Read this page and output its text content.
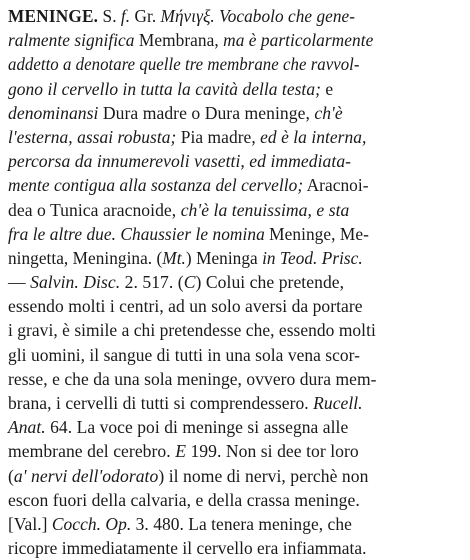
MENINGE. S. f. Gr. Μήνιγξ. Vocabolo che gene-
ralmente significa Membrana, ma è particolarmente
addetto a denotare quelle tre membrane che ravvol-
gono il cervello in tutta la cavità della testa; e
denominansi Dura madre o Dura meninge, ch'è
l'esterna, assai robusta; Pia madre, ed è la interna,
percorsa da innumerevoli vasetti, ed immediata-
mente contigua alla sostanza del cervello; Aracnoi-
dea o Tunica aracnoide, ch'è la tenuissima, e sta
fra le altre due. Chaussier le nomina Meninge, Me-
ningetta, Meningina. (Mt.) Meninga in Teod. Prisc.
— Salvin. Disc. 2. 517. (C) Colui che pretende,
essendo molti i centri, ad un solo aversi da portare
i gravi, è simile a chi pretendesse che, essendo molti
gli uomini, il sangue di tutti in una sola vena scor-
resse, e che da una sola meninge, ovvero dura mem-
brana, i cervelli di tutti si comprendessero. Rucell.
Anat. 64. La voce poi di meninge si assegna alle
membrane del cerebro. E 199. Non si dee tor loro
(a' nervi dell'odorato) il nome di nervi, perchè non
escon fuori della calvaria, e della crassa meninge.
[Val.] Cocch. Op. 3. 480. La tenera meninge, che
ricopre immediatamente il cervello era infiammata.
